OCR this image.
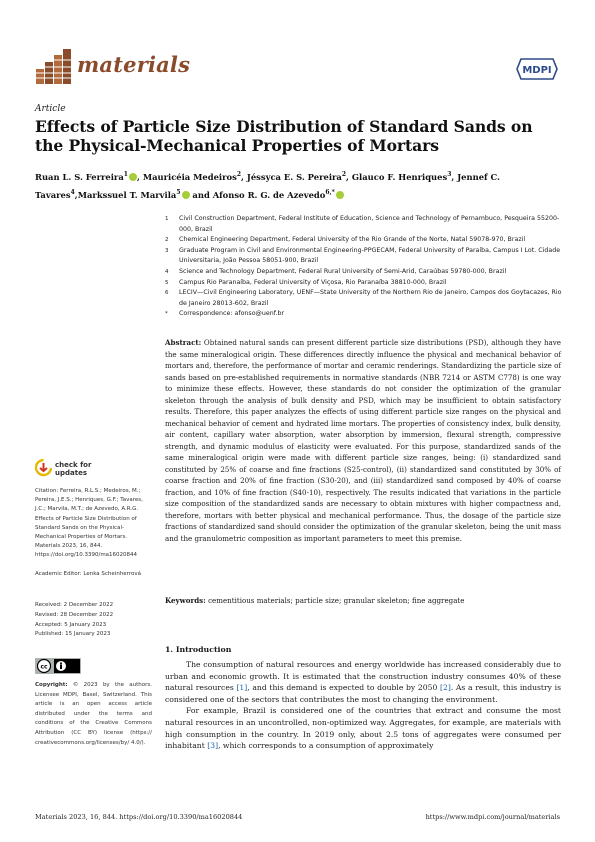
materials	MDPI
Article
Effects of Particle Size Distribution of Standard Sands on the Physical-Mechanical Properties of Mortars
Ruan L. S. Ferreira$^1$ , Mauricéia Medeiros$^2$, Jéssyca E. S. Pereira$^2$, Glauco F. Henriques$^3$, Jennef C. Tavares$^4$,Markssuel T. Marvila$^5$ and Afonso R. G. de Azevedo$^{6,*}$
1	Civil Construction Department, Federal Institute of Education, Science and Technology of Pernambuco, Pesqueira 55200-000, Brazil
2	Chemical Engineering Department, Federal University of the Rio Grande of the Norte, Natal 59078-970, Brazil
3	Graduate Program in Civil and Environmental Engineering-PPGECAM, Federal University of Paraíba, Campus I Lot. Cidade Universitaria, João Pessoa 58051-900, Brazil
4	Science and Technology Department, Federal Rural University of Semi-Arid, Caraúbas 59780-000, Brazil
5	Campus Rio Paranaíba, Federal University of Viçosa, Rio Paranaíba 38810-000, Brazil
6	LECIV—Civil Engineering Laboratory, UENF—State University of the Northern Rio de Janeiro, Campos dos Goytacazes, Rio de Janeiro 28013-602, Brazil
*	Correspondence: afonso@uenf.br
Abstract: Obtained natural sands can present different particle size distributions (PSD), although they have the same mineralogical origin. These differences directly influence the physical and mechanical behavior of mortars and, therefore, the performance of mortar and ceramic renderings. Standardizing the particle size of sands based on pre-established requirements in normative standards (NBR 7214 or ASTM C778) is one way to minimize these effects. However, these standards do not consider the optimization of the granular skeleton through the analysis of bulk density and PSD, which may be insufficient to obtain satisfactory results. Therefore, this paper analyzes the effects of using different particle size ranges on the physical and mechanical behavior of cement and hydrated lime mortars. The properties of consistency index, bulk density, air content, capillary water absorption, water absorption by immersion, flexural strength, compressive strength, and dynamic modulus of elasticity were evaluated. For this purpose, standardized sands of the same mineralogical origin were made with different particle size ranges, being: (i) standardized sand constituted by 25% of coarse and fine fractions (S25-control), (ii) standardized sand constituted by 30% of coarse fraction and 20% of fine fraction (S30-20), and (iii) standardized sand composed by 40% of coarse fraction, and 10% of fine fraction (S40-10), respectively. The results indicated that variations in the particle size composition of the standardized sands are necessary to obtain mixtures with higher compactness and, therefore, mortars with better physical and mechanical performance. Thus, the dosage of the particle size fractions of standardized sand should consider the optimization of the granular skeleton, being the unit mass and the granulometric composition as important parameters to meet this premise.
Keywords: cementitious materials; particle size; granular skeleton; fine aggregate
check for
updates
Citation: Ferreira, R.L.S.; Medeiros, M.; Pereira, J.E.S.; Henriques, G.F.; Tavares, J.C.; Marvila, M.T.; de Azevedo, A.R.G. Effects of Particle Size Distribution of Standard Sands on the Physical-Mechanical Properties of Mortars. Materials 2023, 16, 844. https://doi.org/10.3390/ma16020844
Academic Editor: Lenka Scheinherrová
Received: 2 December 2022
Revised: 28 December 2022
Accepted: 5 January 2023
Published: 15 January 2023
cc
Copyright: © 2023 by the authors. Licensee MDPI, Basel, Switzerland. This article is an open access article distributed under the terms and conditions of the Creative Commons Attribution (CC BY) license (https:// creativecommons.org/licenses/by/ 4.0/).
1. Introduction

The consumption of natural resources and energy worldwide has increased considerably due to urban and economic growth. It is estimated that the construction industry consumes 40% of these natural resources [1], and this demand is expected to double by 2050 [2]. As a result, this industry is considered one of the sectors that contributes the most to changing the environment.

For example, Brazil is considered one of the countries that extract and consume the most natural resources in an uncontrolled, non-optimized way. Aggregates, for example, are materials with high consumption in the country. In 2019 only, about 2.5 tons of aggregates were consumed per inhabitant [3], which corresponds to a consumption of approximately

Materials 2023, 16, 844. https://doi.org/10.3390/ma16020844	https://www.mdpi.com/journal/materials
